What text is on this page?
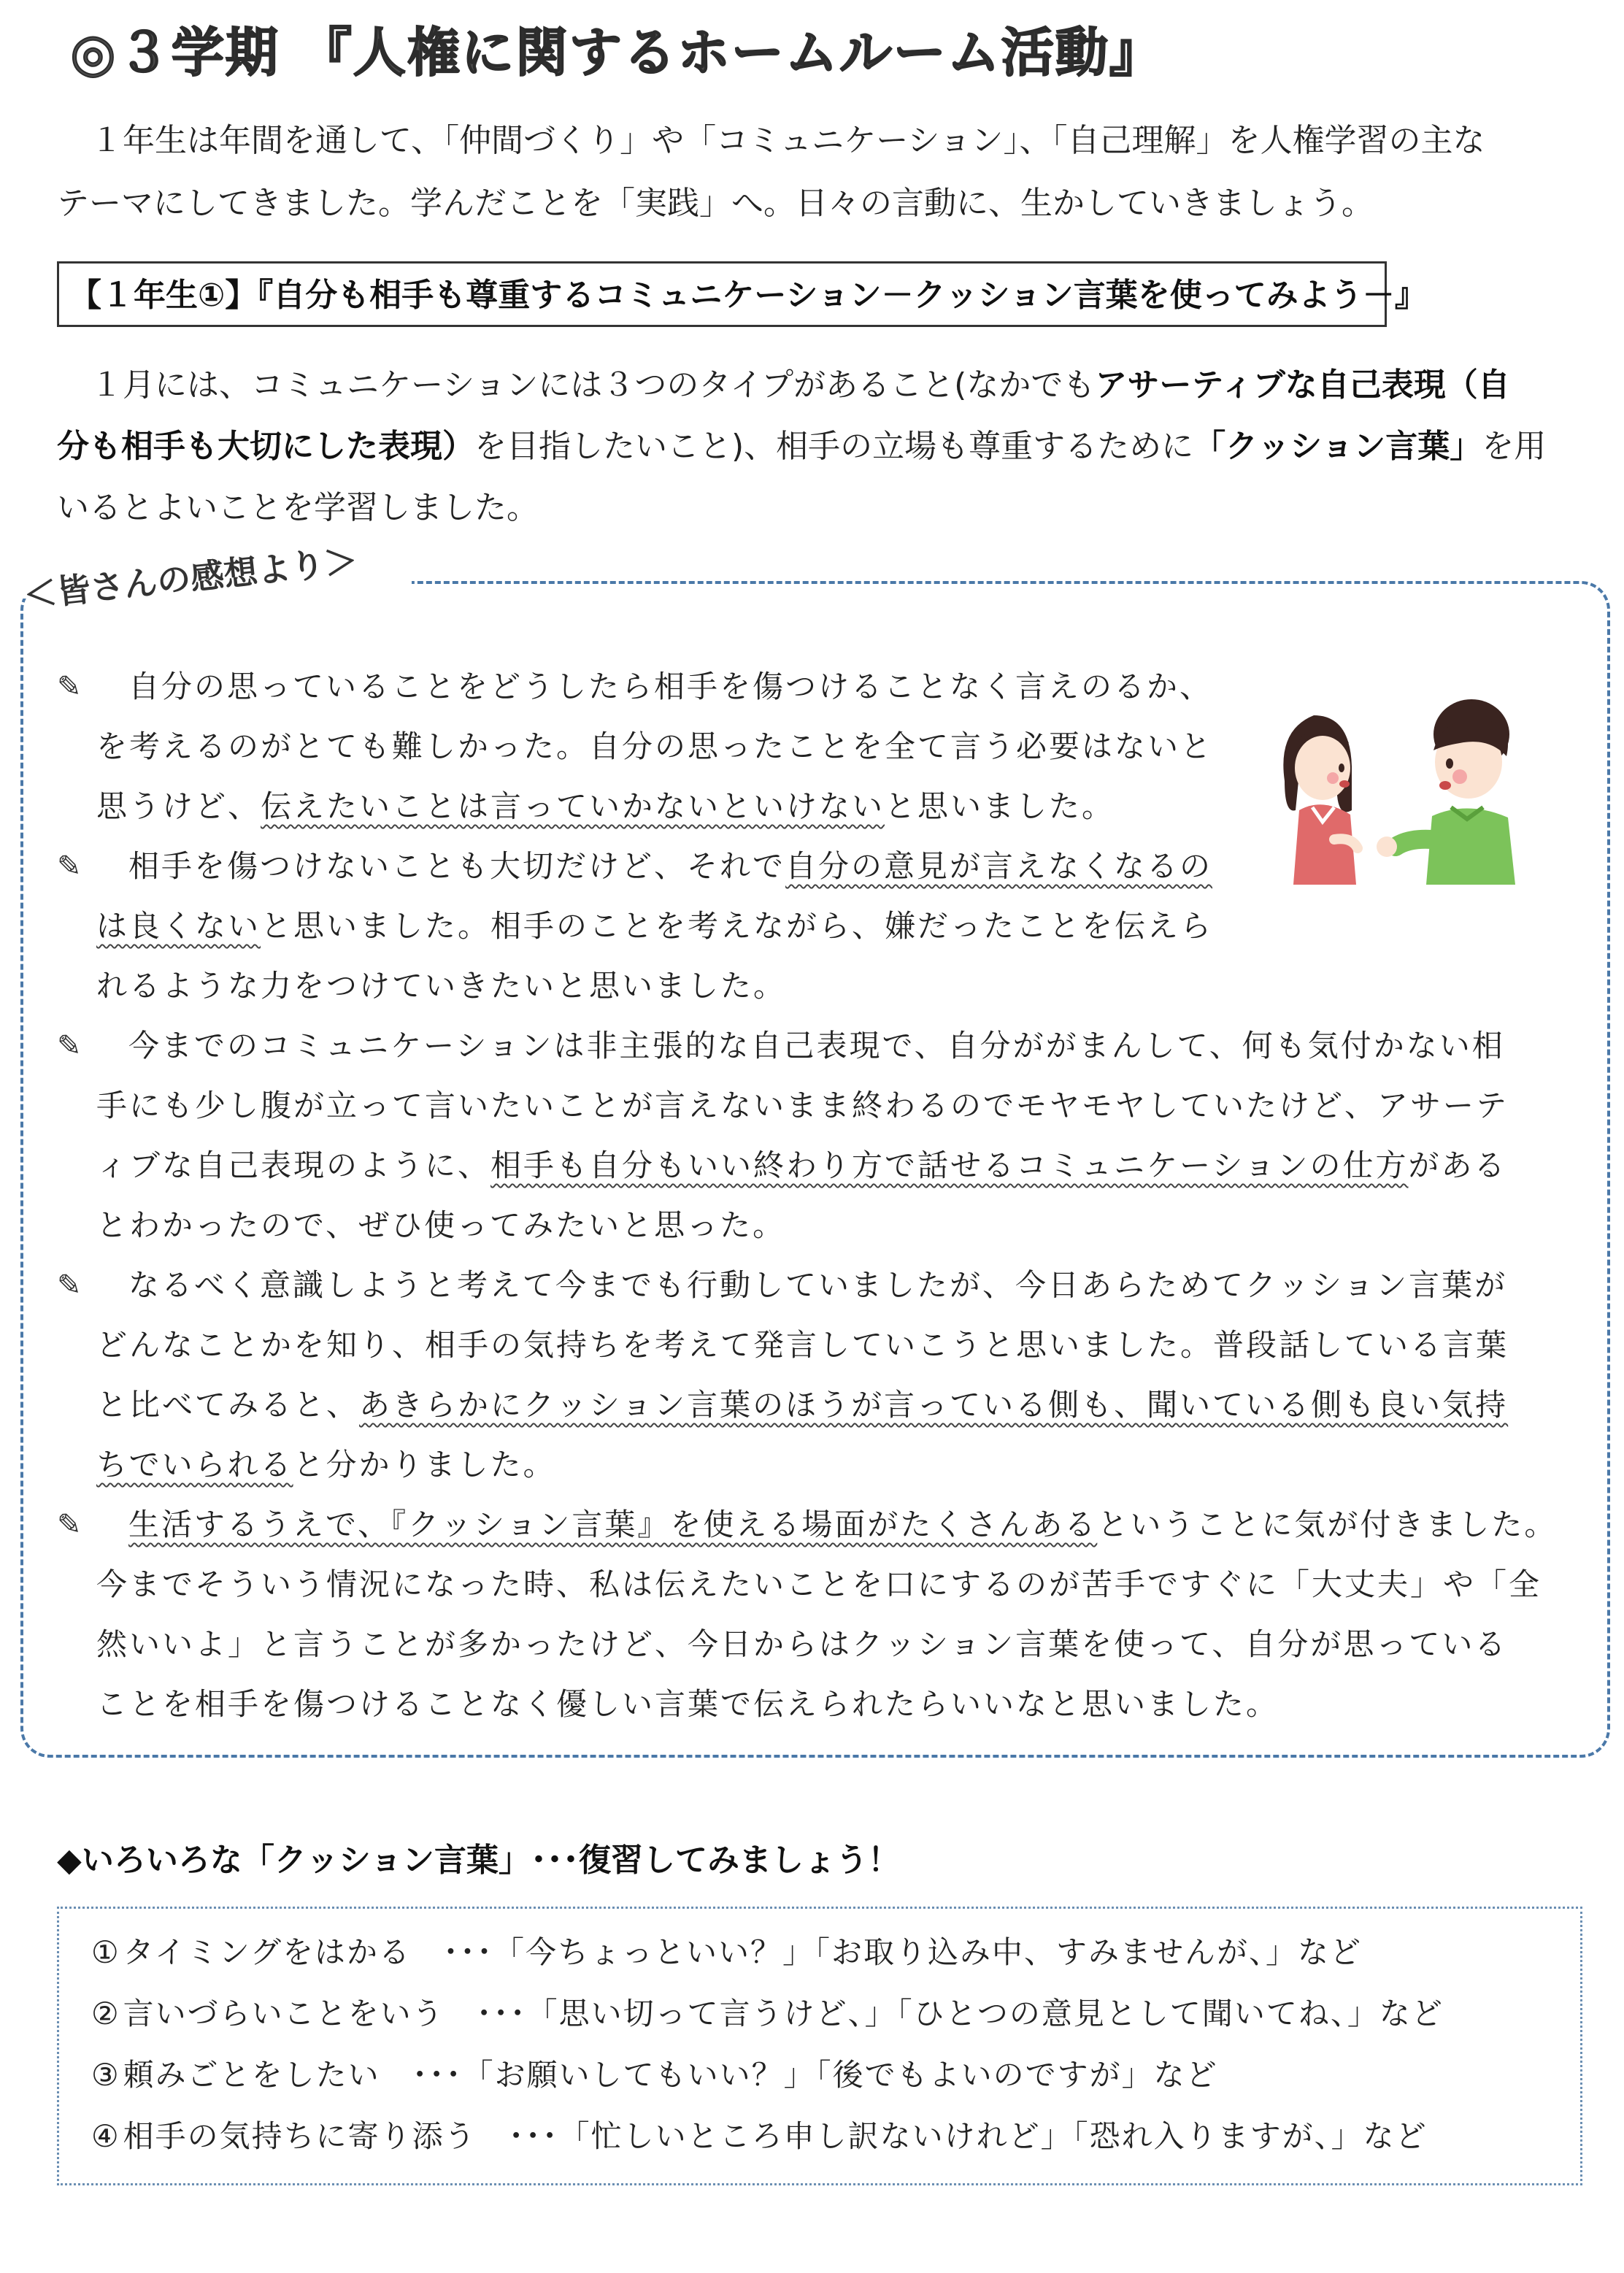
◎３学期 『人権に関するホームルーム活動』

１年生は年間を通して、「仲間づくり」や「コミュニケーション」、「自己理解」を人権学習の主な

テーマにしてきました。学んだことを「実践」へ。日々の言動に、生かしていきましょう。

【１年生①】『自分も相手も尊重するコミュニケーション－クッション言葉を使ってみよう－』

１月には、コミュニケーションには３つのタイプがあること(なかでもアサーティブな自己表現（自

分も相手も大切にした表現）を目指したいこと)、相手の立場も尊重するために「クッション言葉」を用

いるとよいことを学習しました。

＜皆さんの感想より＞
✎ 自分の思っていることをどうしたら相手を傷つけることなく言えのるか、
を考えるのがとても難しかった。自分の思ったことを全て言う必要はないと
思うけど、伝えたいことは言っていかないといけないと思いました。
✎ 相手を傷つけないことも大切だけど、それで自分の意見が言えなくなるの
は良くないと思いました。相手のことを考えながら、嫌だったことを伝えら
れるような力をつけていきたいと思いました。
✎ 今までのコミュニケーションは非主張的な自己表現で、自分ががまんして、何も気付かない相
手にも少し腹が立って言いたいことが言えないまま終わるのでモヤモヤしていたけど、アサーテ
ィブな自己表現のように、相手も自分もいい終わり方で話せるコミュニケーションの仕方がある
とわかったので、ぜひ使ってみたいと思った。
✎ なるべく意識しようと考えて今までも行動していましたが、今日あらためてクッション言葉が
どんなことかを知り、相手の気持ちを考えて発言していこうと思いました。普段話している言葉
と比べてみると、あきらかにクッション言葉のほうが言っている側も、聞いている側も良い気持
ちでいられると分かりました。
✎ 生活するうえで、『クッション言葉』を使える場面がたくさんあるということに気が付きました。
今までそういう情況になった時、私は伝えたいことを口にするのが苦手ですぐに「大丈夫」や「全
然いいよ」と言うことが多かったけど、今日からはクッション言葉を使って、自分が思っている
ことを相手を傷つけることなく優しい言葉で伝えられたらいいなと思いました。
◆いろいろな「クッション言葉」･･･復習してみましょう！
①タイミングをはかる　･･･「今ちょっといい？」「お取り込み中、すみませんが、」など
②言いづらいことをいう　･･･「思い切って言うけど、」「ひとつの意見として聞いてね、」など
③頼みごとをしたい　･･･「お願いしてもいい？」「後でもよいのですが」など
④相手の気持ちに寄り添う　･･･「忙しいところ申し訳ないけれど」「恐れ入りますが、」など
